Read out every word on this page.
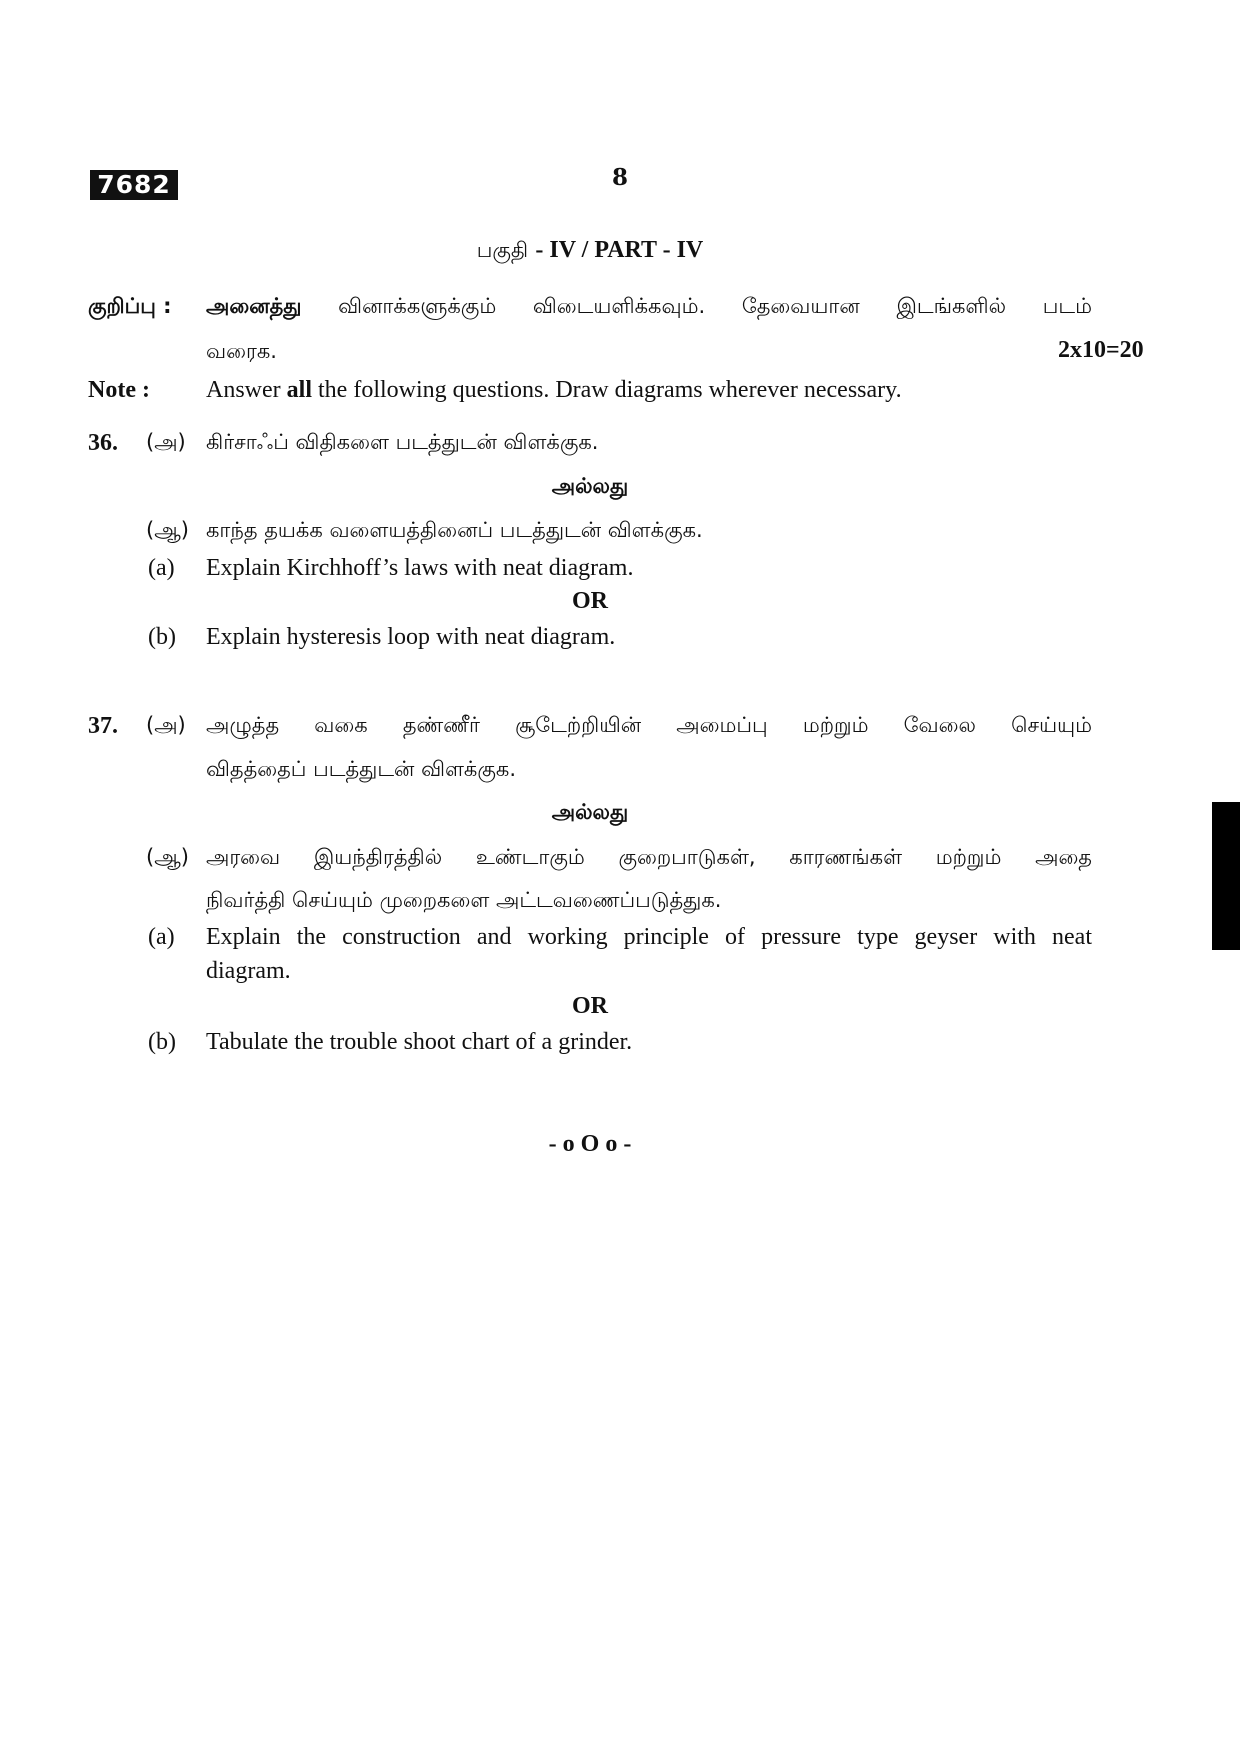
7682	8
பகுதி - IV / PART - IV
குறிப்பு : அனைத்து வினாக்களுக்கும் விடையளிக்கவும். தேவையான இடங்களில் படம்
வரைக.	2x10=20
Note : Answer all the following questions. Draw diagrams wherever necessary.
36. (அ) கிர்சாஃப் விதிகளை படத்துடன் விளக்குக.
அல்லது
(ஆ) காந்த தயக்க வளையத்தினைப் படத்துடன் விளக்குக.
(a) Explain Kirchhoff’s laws with neat diagram.
OR
(b) Explain hysteresis loop with neat diagram.
37. (அ) அழுத்த வகை தண்ணீர் சூடேற்றியின் அமைப்பு மற்றும் வேலை செய்யும்
விதத்தைப் படத்துடன் விளக்குக.
அல்லது
(ஆ) அரவை இயந்திரத்தில் உண்டாகும் குறைபாடுகள், காரணங்கள் மற்றும் அதை
நிவர்த்தி செய்யும் முறைகளை அட்டவணைப்படுத்துக.
(a) Explain the construction and working principle of pressure type geyser with neat
diagram.
OR
(b) Tabulate the trouble shoot chart of a grinder.
- o O o -
